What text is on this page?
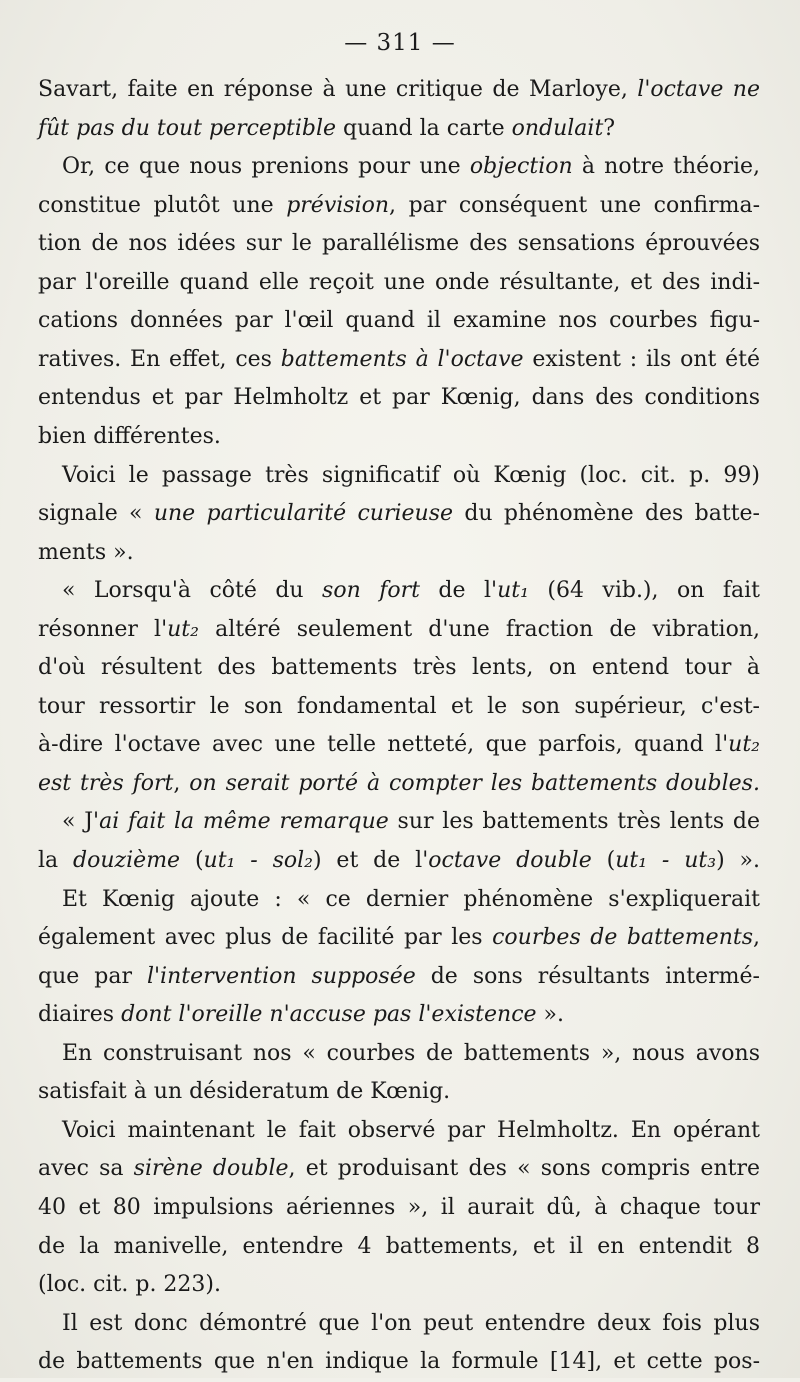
— 311 —
Savart, faite en réponse à une critique de Marloye, l'octave ne
fût pas du tout perceptible quand la carte ondulait?
Or, ce que nous prenions pour une objection à notre théorie,
constitue plutôt une prévision, par conséquent une confirma-
tion de nos idées sur le parallélisme des sensations éprouvées
par l'oreille quand elle reçoit une onde résultante, et des indi-
cations données par l'œil quand il examine nos courbes figu-
ratives. En effet, ces battements à l'octave existent : ils ont été
entendus et par Helmholtz et par Kœnig, dans des conditions
bien différentes.
Voici le passage très significatif où Kœnig (loc. cit. p. 99)
signale « une particularité curieuse du phénomène des batte-
ments ».
« Lorsqu'à côté du son fort de l'ut₁ (64 vib.), on fait
résonner l'ut₂ altéré seulement d'une fraction de vibration,
d'où résultent des battements très lents, on entend tour à
tour ressortir le son fondamental et le son supérieur, c'est-
à-dire l'octave avec une telle netteté, que parfois, quand l'ut₂
est très fort, on serait porté à compter les battements doubles.
« J'ai fait la même remarque sur les battements très lents de
la douzième (ut₁ - sol₂) et de l'octave double (ut₁ - ut₃) ».
Et Kœnig ajoute : « ce dernier phénomène s'expliquerait
également avec plus de facilité par les courbes de battements,
que par l'intervention supposée de sons résultants intermé-
diaires dont l'oreille n'accuse pas l'existence ».
En construisant nos « courbes de battements », nous avons
satisfait à un désideratum de Kœnig.
Voici maintenant le fait observé par Helmholtz. En opérant
avec sa sirène double, et produisant des « sons compris entre
40 et 80 impulsions aériennes », il aurait dû, à chaque tour
de la manivelle, entendre 4 battements, et il en entendit 8
(loc. cit. p. 223).
Il est donc démontré que l'on peut entendre deux fois plus
de battements que n'en indique la formule [14], et cette pos-
